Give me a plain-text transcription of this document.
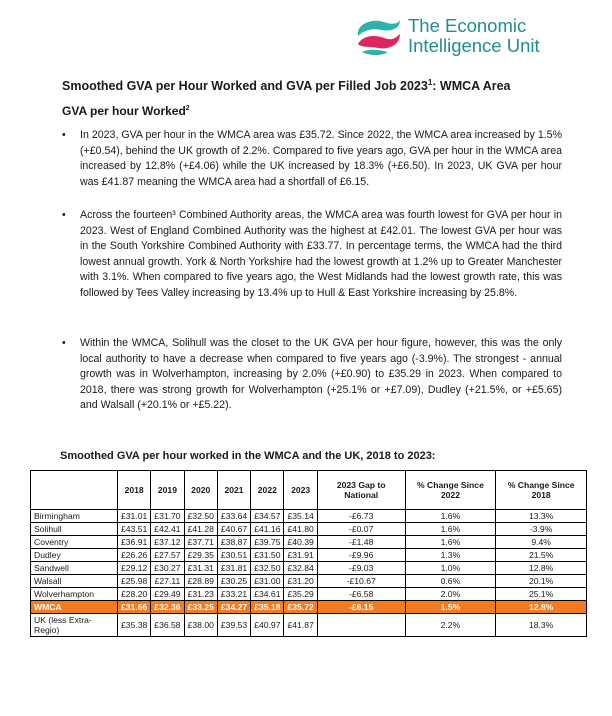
The Economic
Intelligence Unit
Smoothed GVA per Hour Worked and GVA per Filled Job 2023$^1$: WMCA Area
GVA per hour Worked$^2$
• In 2023, GVA per hour in the WMCA area was £35.72. Since 2022, the WMCA area increased by 1.5% (+£0.54), behind the UK growth of 2.2%. Compared to five years ago, GVA per hour in the WMCA area increased by 12.8% (+£4.06) while the UK increased by 18.3% (+£6.50). In 2023, UK GVA per hour was £41.87 meaning the WMCA area had a shortfall of £6.15.
• Across the fourteen³ Combined Authority areas, the WMCA area was fourth lowest for GVA per hour in 2023. West of England Combined Authority was the highest at £42.01. The lowest GVA per hour was in the South Yorkshire Combined Authority with £33.77. In percentage terms, the WMCA had the third lowest annual growth. York & North Yorkshire had the lowest growth at 1.2% up to Greater Manchester with 3.1%. When compared to five years ago, the West Midlands had the lowest growth rate, this was followed by Tees Valley increasing by 13.4% up to Hull & East Yorkshire increasing by 25.8%.
• Within the WMCA, Solihull was the closet to the UK GVA per hour figure, however, this was the only local authority to have a decrease when compared to five years ago (-3.9%). The strongest - annual growth was in Wolverhampton, increasing by 2.0% (+£0.90) to £35.29 in 2023. When compared to 2018, there was strong growth for Wolverhampton (+25.1% or +£7.09), Dudley (+21.5%, or +£5.65) and Walsall (+20.1% or +£5.22).
Smoothed GVA per hour worked in the WMCA and the UK, 2018 to 2023:
	2018	2019	2020	2021	2022	2023	2023 Gap to National	% Change Since 2022	% Change Since 2018
Birmingham	£31.01	£31.70	£32.50	£33.64	£34.57	£35.14	-£6.73	1.6%	13.3%
Solihull	£43.51	£42.41	£41.28	£40.67	£41.16	£41.80	-£0.07	1.6%	-3.9%
Coventry	£36.91	£37.12	£37.71	£38.87	£39.75	£40.39	-£1.48	1.6%	9.4%
Dudley	£26.26	£27.57	£29.35	£30.51	£31.50	£31.91	-£9.96	1.3%	21.5%
Sandwell	£29.12	£30.27	£31.31	£31.81	£32.50	£32.84	-£9.03	1.0%	12.8%
Walsall	£25.98	£27.11	£28.89	£30.25	£31.00	£31.20	-£10.67	0.6%	20.1%
Wolverhampton	£28.20	£29.49	£31.23	£33.21	£34.61	£35.29	-£6.58	2.0%	25.1%
WMCA	£31.66	£32.36	£33.25	£34.27	£35.18	£35.72	-£6.15	1.5%	12.8%
UK (less Extra-Regio)	£35.38	£36.58	£38.00	£39.53	£40.97	£41.87		2.2%	18.3%
